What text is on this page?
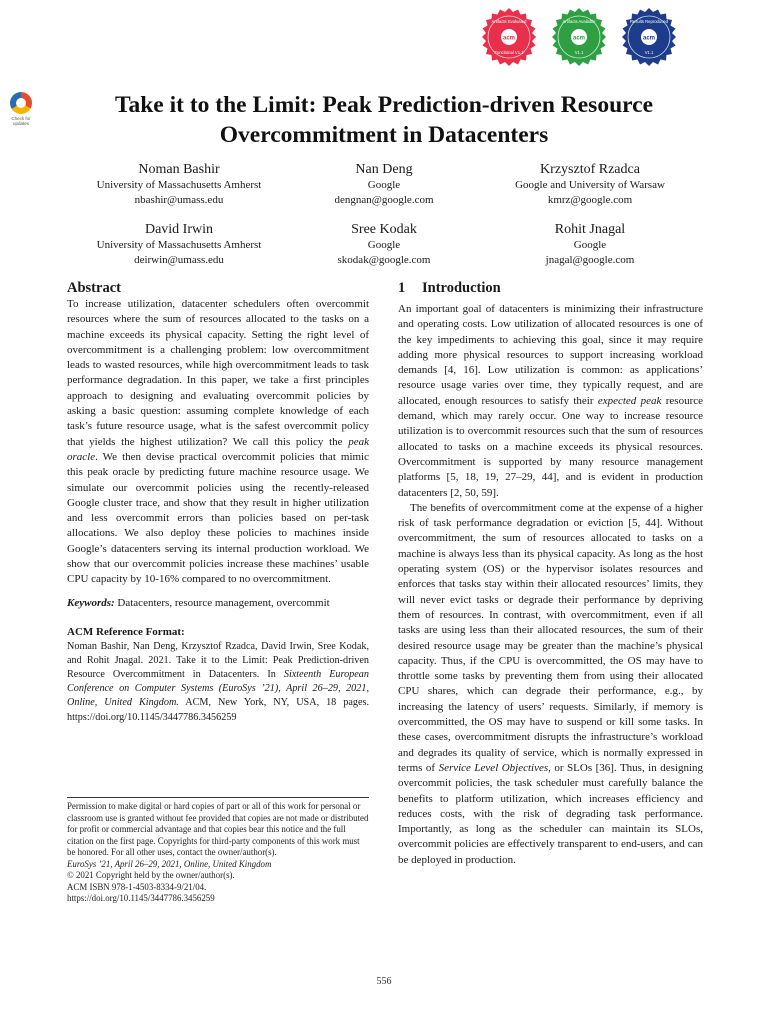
Check for updates
acm
Artifacts Evaluated
Functional V1.1
acm
Artifacts Available
V1.1
acm
Results Reproduced
V1.1
Take it to the Limit: Peak Prediction-driven Resource
Overcommitment in Datacenters
Noman Bashir
University of Massachusetts Amherst
nbashir@umass.edu
Nan Deng
Google
dengnan@google.com
Krzysztof Rzadca
Google and University of Warsaw
kmrz@google.com
David Irwin
University of Massachusetts Amherst
deirwin@umass.edu
Sree Kodak
Google
skodak@google.com
Rohit Jnagal
Google
jnagal@google.com
Abstract

To increase utilization, datacenter schedulers often overcommit resources where the sum of resources allocated to the tasks on a machine exceeds its physical capacity. Setting the right level of overcommitment is a challenging problem: low overcommitment leads to wasted resources, while high overcommitment leads to task performance degradation. In this paper, we take a first principles approach to designing and evaluating overcommit policies by asking a basic question: assuming complete knowledge of each task’s future resource usage, what is the safest overcommit policy that yields the highest utilization? We call this policy the peak oracle. We then devise practical overcommit policies that mimic this peak oracle by predicting future machine resource usage. We simulate our overcommit policies using the recently-released Google cluster trace, and show that they result in higher utilization and less overcommit errors than policies based on per-task allocations. We also deploy these policies to machines inside Google’s datacenters serving its internal production workload. We show that our overcommit policies increase these machines’ usable CPU capacity by 10-16% compared to no overcommitment.

Keywords: Datacenters, resource management, overcommit

ACM Reference Format:

Noman Bashir, Nan Deng, Krzysztof Rzadca, David Irwin, Sree Kodak, and Rohit Jnagal. 2021. Take it to the Limit: Peak Prediction-driven Resource Overcommitment in Datacenters. In Sixteenth European Conference on Computer Systems (EuroSys ’21), April 26–29, 2021, Online, United Kingdom. ACM, New York, NY, USA, 18 pages. https://doi.org/10.1145/3447786.3456259

Permission to make digital or hard copies of part or all of this work for personal or classroom use is granted without fee provided that copies are not made or distributed for profit or commercial advantage and that copies bear this notice and the full citation on the first page. Copyrights for third-party components of this work must be honored. For all other uses, contact the owner/author(s).

EuroSys ’21, April 26–29, 2021, Online, United Kingdom

© 2021 Copyright held by the owner/author(s).

ACM ISBN 978-1-4503-8334-9/21/04.

https://doi.org/10.1145/3447786.3456259

1	Introduction

An important goal of datacenters is minimizing their infrastructure and operating costs. Low utilization of allocated resources is one of the key impediments to achieving this goal, since it may require adding more physical resources to support increasing workload demands [4, 16]. Low utilization is common: as applications’ resource usage varies over time, they typically request, and are allocated, enough resources to satisfy their expected peak resource demand, which may rarely occur. One way to increase resource utilization is to overcommit resources such that the sum of resources allocated to tasks on a machine exceeds its physical resources. Overcommitment is supported by many resource management platforms [5, 18, 19, 27–29, 44], and is evident in production datacenters [2, 50, 59].

The benefits of overcommitment come at the expense of a higher risk of task performance degradation or eviction [5, 44]. Without overcommitment, the sum of resources allocated to tasks on a machine is always less than its physical capacity. As long as the host operating system (OS) or the hypervisor isolates resources and enforces that tasks stay within their allocated resources’ limits, they will never evict tasks or degrade their performance by depriving them of resources. In contrast, with overcommitment, even if all tasks are using less than their allocated resources, the sum of their desired resource usage may be greater than the machine’s physical capacity. Thus, if the CPU is overcommitted, the OS may have to throttle some tasks by preventing them from using their allocated CPU shares, which can degrade their performance, e.g., by increasing the latency of users’ requests. Similarly, if memory is overcommitted, the OS may have to suspend or kill some tasks. In these cases, overcommitment disrupts the infrastructure’s workload and degrades its quality of service, which is normally expressed in terms of Service Level Objectives, or SLOs [36]. Thus, in designing overcommit policies, the task scheduler must carefully balance the benefits to platform utilization, which increases efficiency and reduces costs, with the risk of degrading task performance. Importantly, as long as the scheduler can maintain its SLOs, overcommit policies are effectively transparent to end-users, and can be deployed in production.

556
